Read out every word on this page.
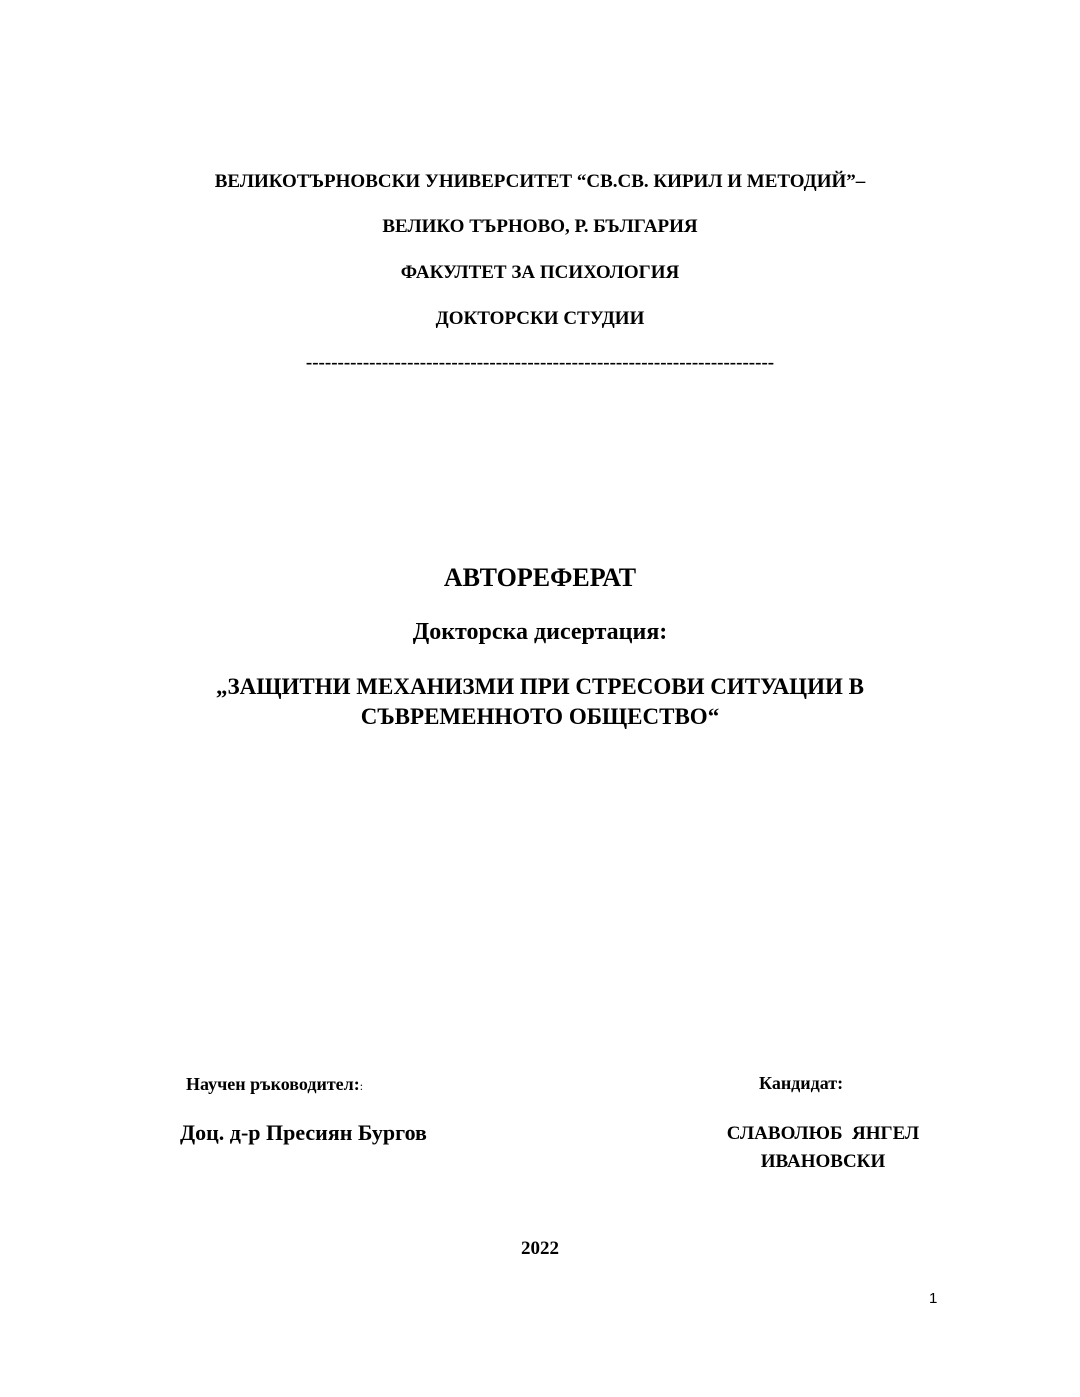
ВЕЛИКОТЪРНОВСКИ УНИВЕРСИТЕТ “СВ.СВ. КИРИЛ И МЕТОДИЙ”–
ВЕЛИКО ТЪРНОВО, Р. БЪЛГАРИЯ
ФАКУЛТЕТ ЗА ПСИХОЛОГИЯ
ДОКТОРСКИ СТУДИИ
--------------------------------------------------------------------------
АВТОРЕФЕРАТ
Докторска дисертация:
„ЗАЩИТНИ МЕХАНИЗМИ ПРИ СТРЕСОВИ СИТУАЦИИ В
СЪВРЕМЕННОТО ОБЩЕСТВО“
Научен ръководител::
Доц. д-р Пресиян Бургов
Кандидат:
СЛАВОЛЮБ  ЯНГЕЛ
ИВАНОВСКИ
2022
1
